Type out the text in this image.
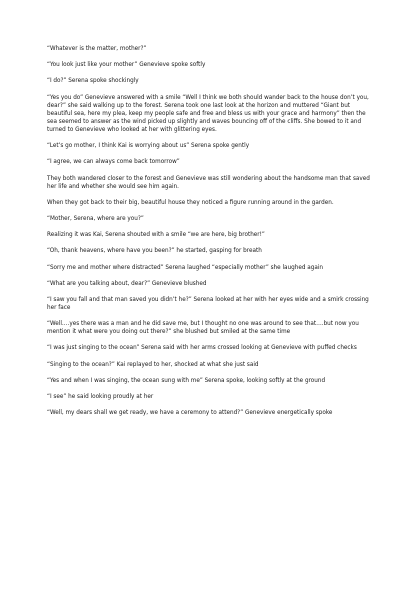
“Whatever is the matter, mother?”

“You look just like your mother” Genevieve spoke softly

“I do?” Serena spoke shockingly

“Yes you do” Genevieve answered with a smile “Well I think we both should wander back to the house don’t you, dear?” she said walking up to the forest. Serena took one last look at the horizon and muttered “Giant but beautiful sea, here my plea, keep my people safe and free and bless us with your grace and harmony” then the sea seemed to answer as the wind picked up slightly and waves bouncing off of the cliffs. She bowed to it and turned to Genevieve who looked at her with glittering eyes.

“Let’s go mother, I think Kai is worrying about us” Serena spoke gently

“I agree, we can always come back tomorrow”

They both wandered closer to the forest and Genevieve was still wondering about the handsome man that saved her life and whether she would see him again.

When they got back to their big, beautiful house they noticed a figure running around in the garden.

“Mother, Serena, where are you?”

Realizing it was Kai, Serena shouted with a smile “we are here, big brother!”

“Oh, thank heavens, where have you been?” he started, gasping for breath

“Sorry me and mother where distracted” Serena laughed “especially mother” she laughed again

“What are you talking about, dear?” Genevieve blushed

“I saw you fall and that man saved you didn’t he?” Serena looked at her with her eyes wide and a smirk crossing her face

“Well….yes there was a man and he did save me, but I thought no one was around to see that….but now you mention it what were you doing out there?” she blushed but smiled at the same time

“I was just singing to the ocean” Serena said with her arms crossed looking at Genevieve with puffed checks

“Singing to the ocean?” Kai replayed to her, shocked at what she just said

“Yes and when I was singing, the ocean sung with me” Serena spoke, looking softly at the ground

“I see” he said looking proudly at her

“Well, my dears shall we get ready, we have a ceremony to attend?” Genevieve energetically spoke
